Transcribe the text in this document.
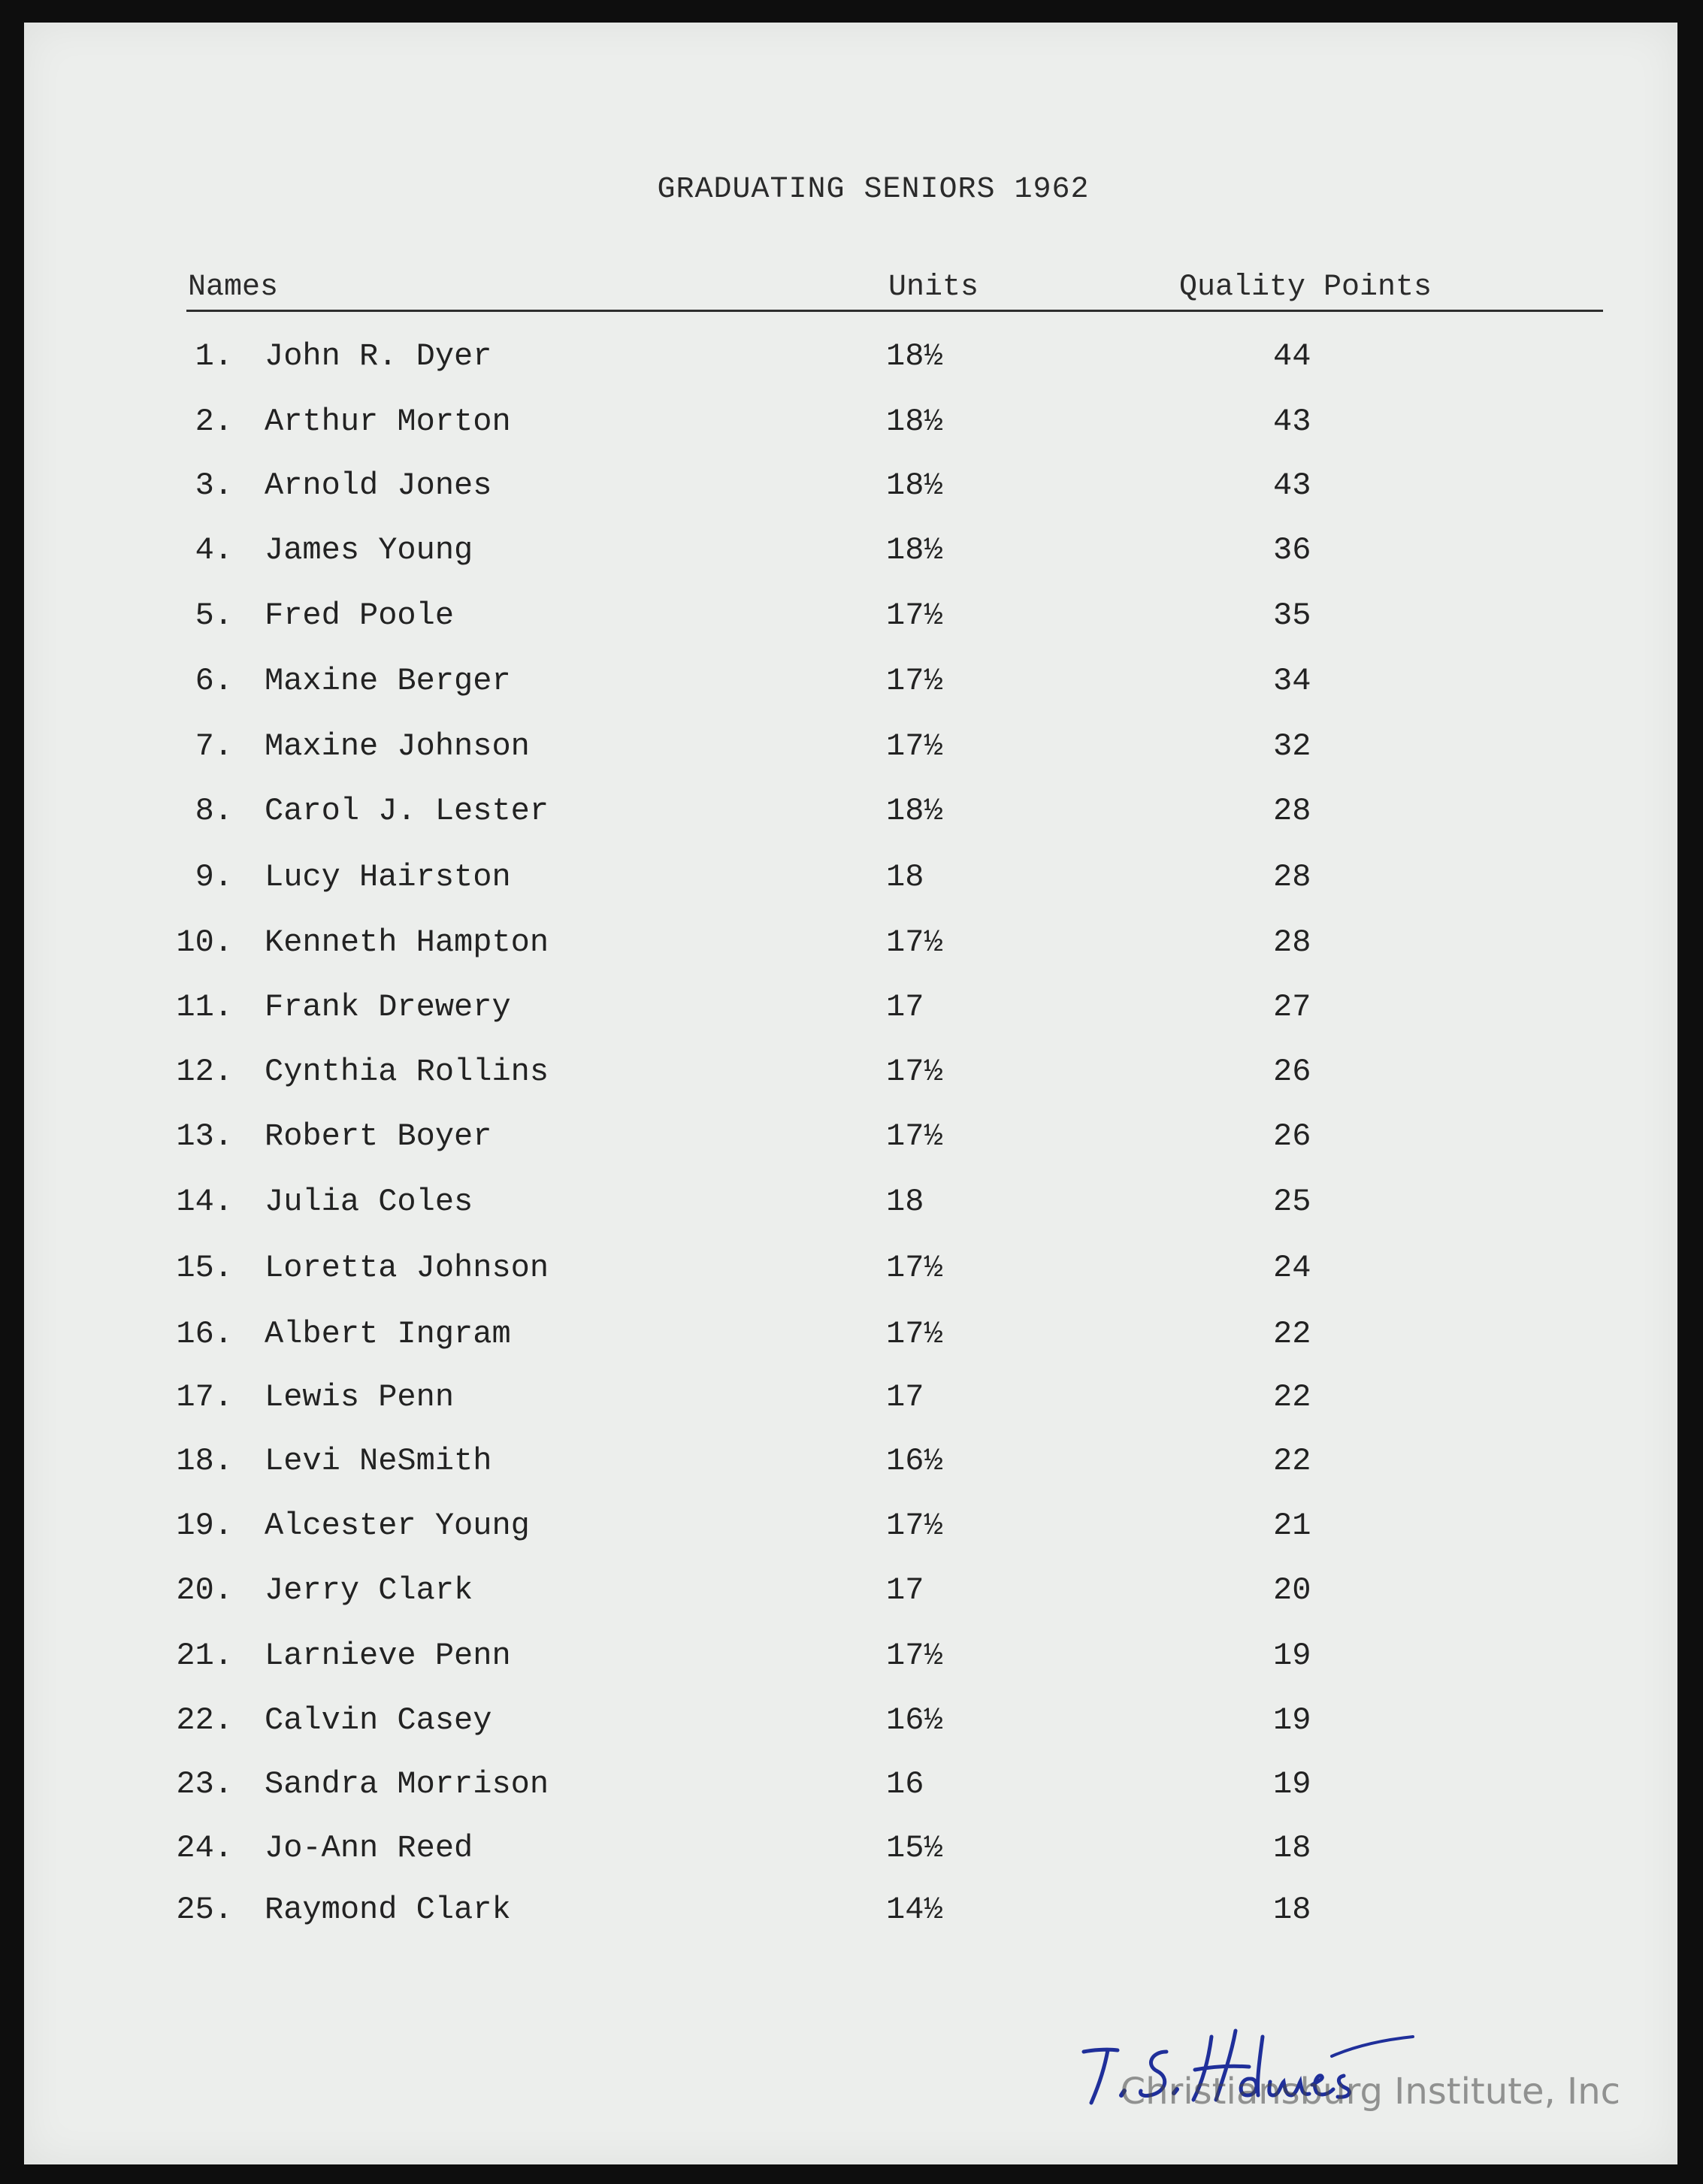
GRADUATING SENIORS 1962
Names	Units	Quality Points
1. John R. Dyer	18½	44
2. Arthur Morton	18½	43
3. Arnold Jones	18½	43
4. James Young	18½	36
5. Fred Poole	17½	35
6. Maxine Berger	17½	34
7. Maxine Johnson	17½	32
8. Carol J. Lester	18½	28
9. Lucy Hairston	18	28
10. Kenneth Hampton	17½	28
11. Frank Drewery	17	27
12. Cynthia Rollins	17½	26
13. Robert Boyer	17½	26
14. Julia Coles	18	25
15. Loretta Johnson	17½	24
16. Albert Ingram	17½	22
17. Lewis Penn	17	22
18. Levi NeSmith	16½	22
19. Alcester Young	17½	21
20. Jerry Clark	17	20
21. Larnieve Penn	17½	19
22. Calvin Casey	16½	19
23. Sandra Morrison	16	19
24. Jo-Ann Reed	15½	18
25. Raymond Clark	14½	18
Christiansburg Institute, Inc
